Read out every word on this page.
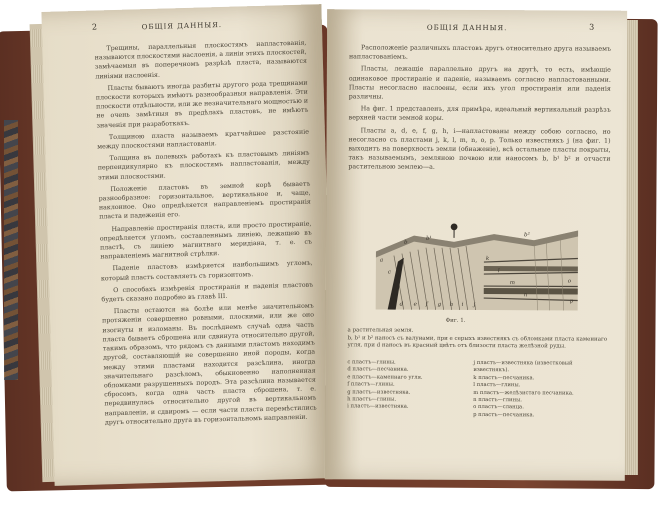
2	ОБЩІЯ ДАННЫЯ.

Трещины, параллельныя плоскостямъ напластованія, называются плоскостями наслоенія, а линіи этихъ плоскостей, замѣчаемыя въ поперечномъ разрѣзѣ пласта, называются линіями наслоенія.

Пласты бываютъ иногда разбиты другого рода трещинами плоскости которыхъ имѣютъ разнообразныя направленія. Эти плоскости отдѣльности, или же незначительнаго мощностью и не очень замѣтныя въ предѣлахъ пластовъ, не имѣютъ значенія при разработкахъ.

Толщиною пласта называемъ кратчайшее разстояніе между плоскостями напластованія.

Толщина въ полевыхъ работахъ къ пластовымъ линіямъ перпендикулярно къ плоскостямъ напластованія, между этими плоскостями.

Положеніе пластовъ въ земной корѣ бываетъ разнообразное: горизонтальное, вертикальное и, чаще, наклонное. Оно опредѣляется направленіемъ простиранія пласта и падеженія его.

Направленіе простиранія пласта, или просто простираніе, опредѣляется угломъ, составленнымъ линіею, лежащею въ пластѣ, съ линіею магнитнаго меридіана, т. е. съ направленіемъ магнитной стрѣлки.

Паденіе пластовъ измѣряется наибольшимъ угломъ, который пластъ составляетъ съ горизонтомъ.

О способахъ измѣренія простиранія и паденія пластовъ будетъ сказано подробно въ главѣ III.

Пласты остаются на болѣе или менѣе значительномъ протяженіи совершенно ровными, плоскими, или же оно изогнуты и изломаны. Въ послѣднемъ случаѣ одна часть пласта бываетъ сброшена или сдвинута относительно другой, такимъ образомъ, что рядомъ съ данными пластомъ находимъ другой, составляющій не совершенно иной породы, когда между этими пластами находится разсѣлина, иногда значительнаго разсѣломъ, обыкновенно наполненная обломками разрушенныхъ породъ. Эта разсѣлина называется сбросомъ, когда одна часть пласта сброшена, т. е. передвинулась относительно другой въ вертикальномъ направленіи, и сдвиромъ — если части пласта перемѣстились другъ относительно друга въ горизонтальномъ направленіи.

ОБЩІЯ ДАННЫЯ.	3

Расположеніе различныхъ пластовъ другъ относительно друга называемъ напластованіемъ.

Пласты, лежащіе параллельно другъ на другѣ, то есть, имѣющіе одинаковое простираніе и паденіе, называемъ согласно напластованными. Пласты несогласно наслоены, если ихъ угол простиранія или паденія различны.

На фиг. 1 представленъ, для примѣра, идеальный вертикальный разрѣзъ верхней части земной коры.

Пласты a, d, e, f, g, h, i—напластованы между собою согласно, но несогласно съ пластами j, k, l, m, n, o, p. Только известнякъ j (на фиг. 1) выходитъ на поверхность земли (обнаженіе), всѣ остальные пласты покрыты, такъ называемымъ, земляною почвою или наносомъ b, b¹ b² и отчасти растительною землею—а.

a
b
b¹
c
d e f g h i j
k
l
m
n
o
p
b²
Фиг. 1.
а растительная земля.
b, b¹ и b² наносъ съ валунами, при e серыхъ известнякъ съ обломками пласта каменнаго угля, при d наносъ въ красный цвѣтъ отъ близости пласта желѣзной руды.
c пластъ—глины.
d пластъ—песчаника.
e пластъ—каменнаго угля.
f пластъ—глины.
g пластъ—известняка.
h пластъ—глины.
i пластъ—известняка.
j пластъ—известняка (известковый известнякъ).
k пластъ—песчаника.
l пластъ—глины.
m пластъ—желѣзистаго песчаника.
n пластъ—глины.
o пластъ—сланца.
p пластъ—песчаника.
